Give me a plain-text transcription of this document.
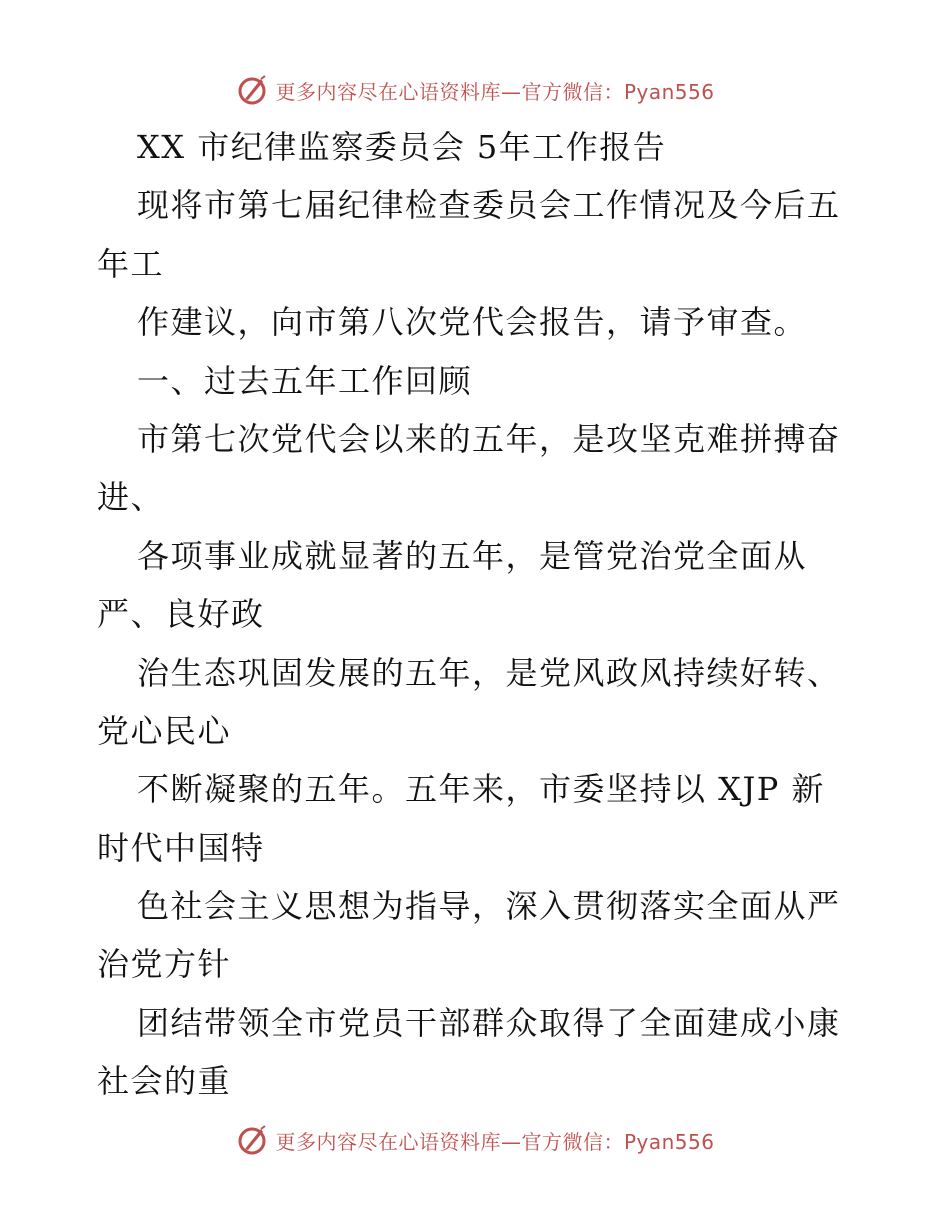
更多内容尽在心语资料库—官方微信：Pyan556
XX 市纪律监察委员会 5年工作报告
现将市第七届纪律检查委员会工作情况及今后五
年工
作建议，向市第八次党代会报告，请予审查。
一、过去五年工作回顾
市第七次党代会以来的五年，是攻坚克难拼搏奋
进、
各项事业成就显著的五年，是管党治党全面从
严、良好政
治生态巩固发展的五年，是党风政风持续好转、
党心民心
不断凝聚的五年。五年来，市委坚持以 XJP 新
时代中国特
色社会主义思想为指导，深入贯彻落实全面从严
治党方针
团结带领全市党员干部群众取得了全面建成小康
社会的重
更多内容尽在心语资料库—官方微信：Pyan556
